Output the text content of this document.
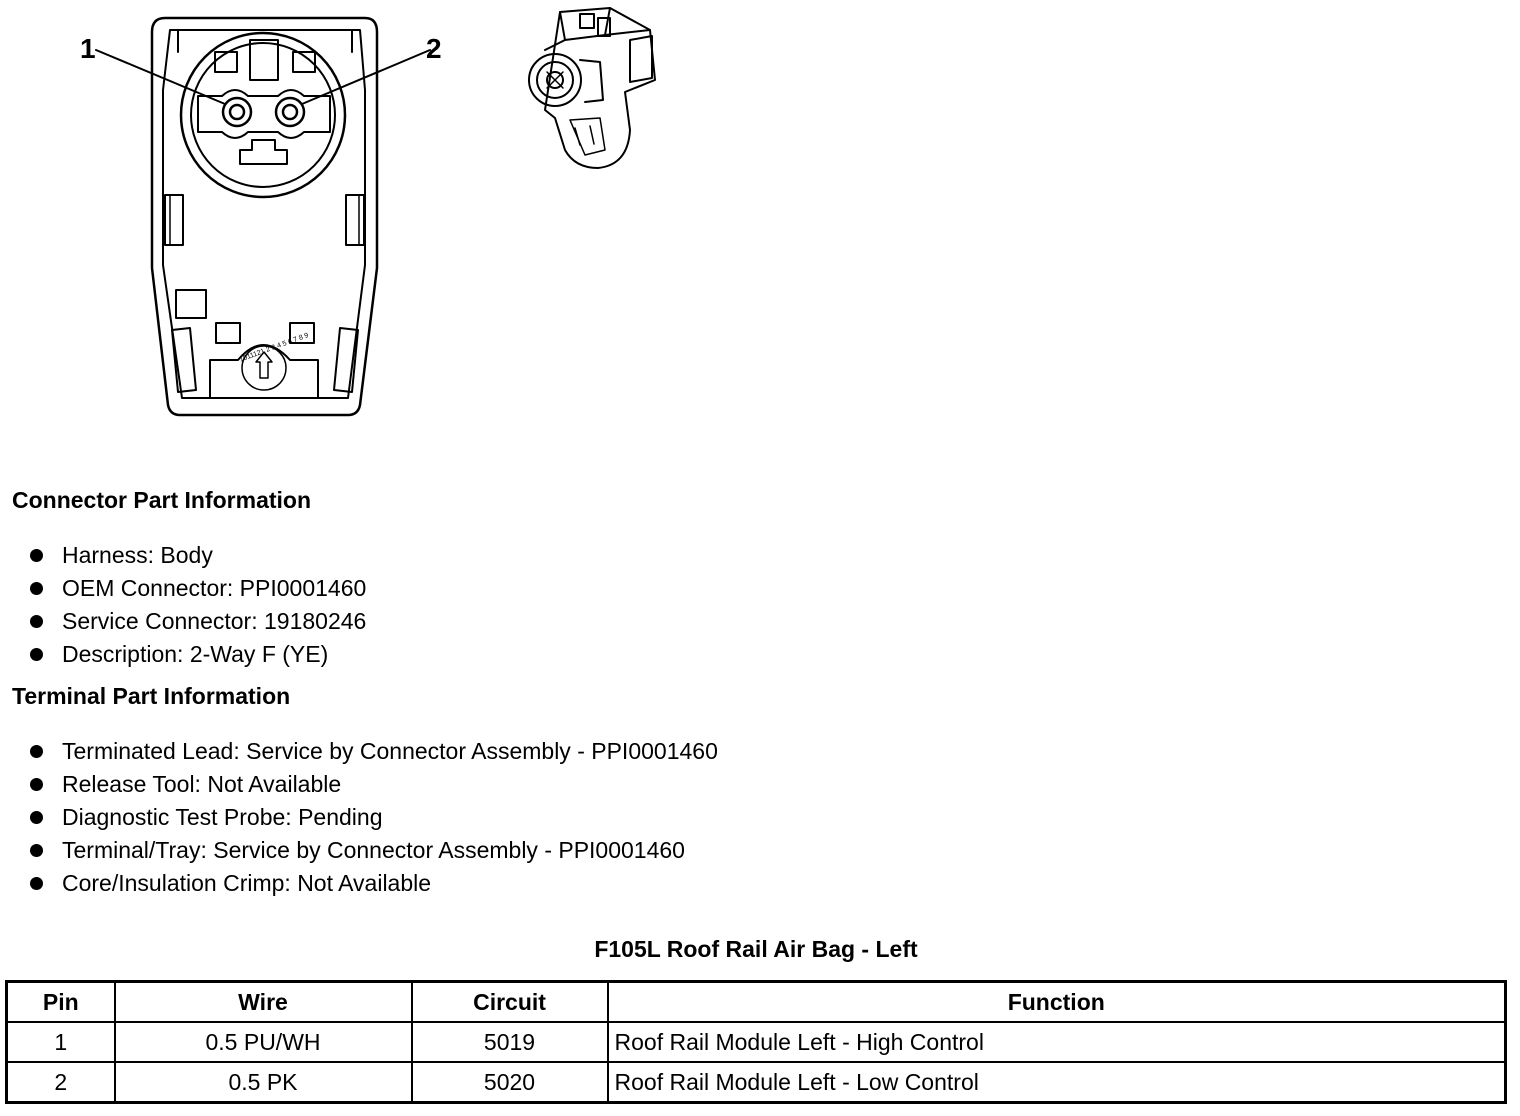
1	2
1011121 2 3 4 5 6 7 8 9
Connector Part Information
Harness: Body
OEM Connector: PPI0001460
Service Connector: 19180246
Description: 2-Way F (YE)
Terminal Part Information
Terminated Lead: Service by Connector Assembly - PPI0001460
Release Tool: Not Available
Diagnostic Test Probe: Pending
Terminal/Tray: Service by Connector Assembly - PPI0001460
Core/Insulation Crimp: Not Available
F105L Roof Rail Air Bag - Left
Pin	Wire	Circuit	Function
1	0.5 PU/WH	5019	Roof Rail Module Left - High Control
2	0.5 PK	5020	Roof Rail Module Left - Low Control
